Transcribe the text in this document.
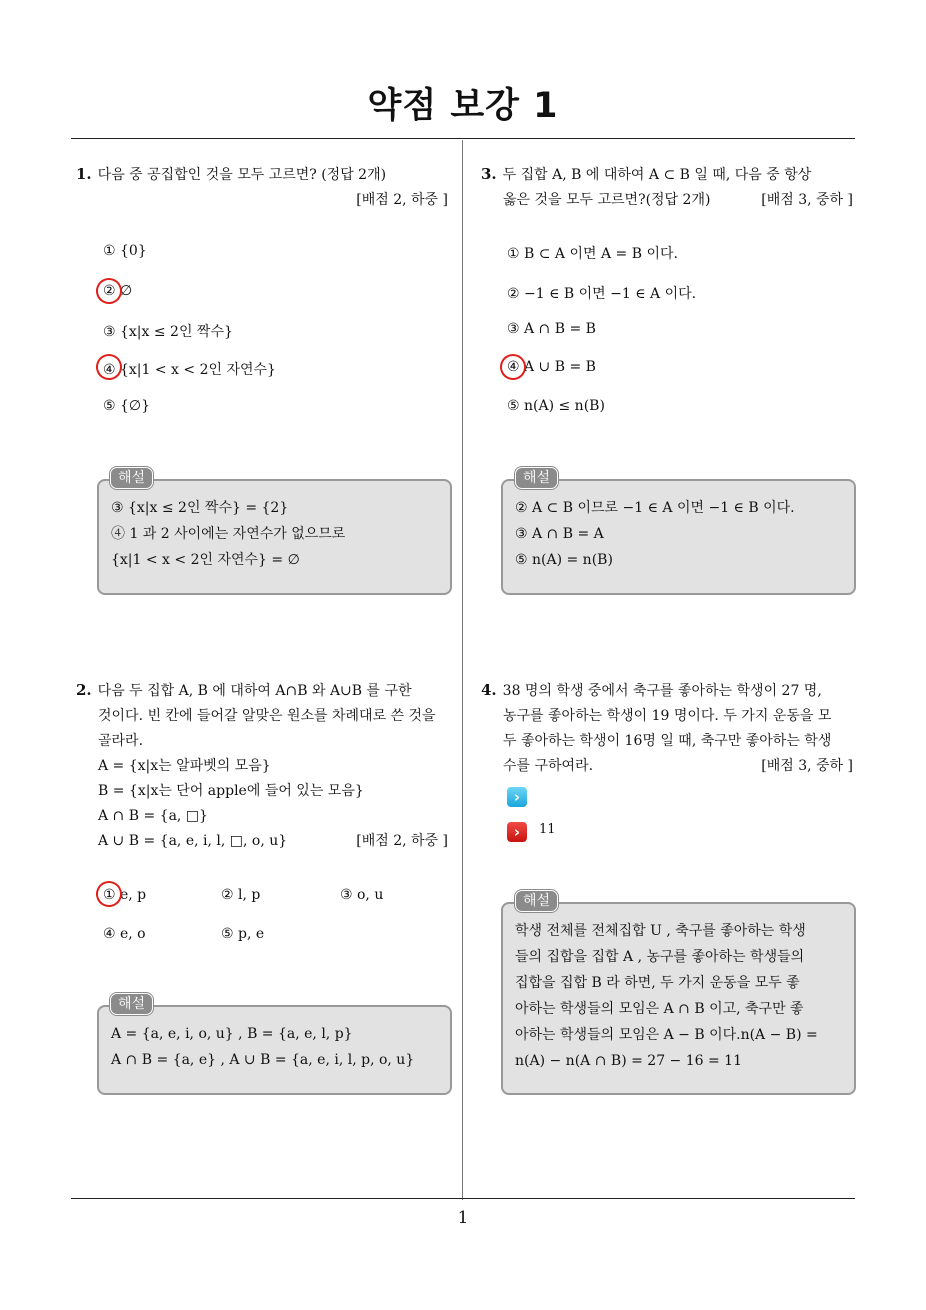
약점 보강 1
1
1. 다음 중 공집합인 것을 모두 고르면? (정답 2개)
[배점 2, 하중 ]
① {0}
② ∅
③ {x|x ≤ 2인 짝수}
④ {x|1 < x < 2인 자연수}
⑤ {∅}
③ {x|x ≤ 2인 짝수} = {2}
④ 1 과 2 사이에는 자연수가 없으므로
{x|1 < x < 2인 자연수} = ∅
해설
2. 다음 두 집합 A, B 에 대하여 A∩B 와 A∪B 를 구한
것이다. 빈 칸에 들어갈 알맞은 원소를 차례대로 쓴 것을
골라라.
A = {x|x는 알파벳의 모음}
B = {x|x는 단어 apple에 들어 있는 모음}
A ∩ B = {a, □}
A ∪ B = {a, e, i, l, □, o, u}	[배점 2, 하중 ]
① e, p	② l, p	③ o, u
④ e, o	⑤ p, e
A = {a, e, i, o, u} , B = {a, e, l, p}
A ∩ B = {a, e} , A ∪ B = {a, e, i, l, p, o, u}
해설
3. 두 집합 A, B 에 대하여 A ⊂ B 일 때, 다음 중 항상
옳은 것을 모두 고르면?(정답 2개)	[배점 3, 중하 ]
① B ⊂ A 이면 A = B 이다.
② −1 ∈ B 이면 −1 ∈ A 이다.
③ A ∩ B = B
④ A ∪ B = B
⑤ n(A) ≤ n(B)
② A ⊂ B 이므로 −1 ∈ A 이면 −1 ∈ B 이다.
③ A ∩ B = A
⑤ n(A) = n(B)
해설
4. 38 명의 학생 중에서 축구를 좋아하는 학생이 27 명,
농구를 좋아하는 학생이 19 명이다. 두 가지 운동을 모
두 좋아하는 학생이 16명 일 때, 축구만 좋아하는 학생
수를 구하여라.	[배점 3, 중하 ]
›
›	11
학생 전체를 전체집합 U , 축구를 좋아하는 학생
들의 집합을 집합 A , 농구를 좋아하는 학생들의
집합을 집합 B 라 하면, 두 가지 운동을 모두 좋
아하는 학생들의 모임은 A ∩ B 이고, 축구만 좋
아하는 학생들의 모임은 A − B 이다.n(A − B) =
n(A) − n(A ∩ B) = 27 − 16 = 11
해설
